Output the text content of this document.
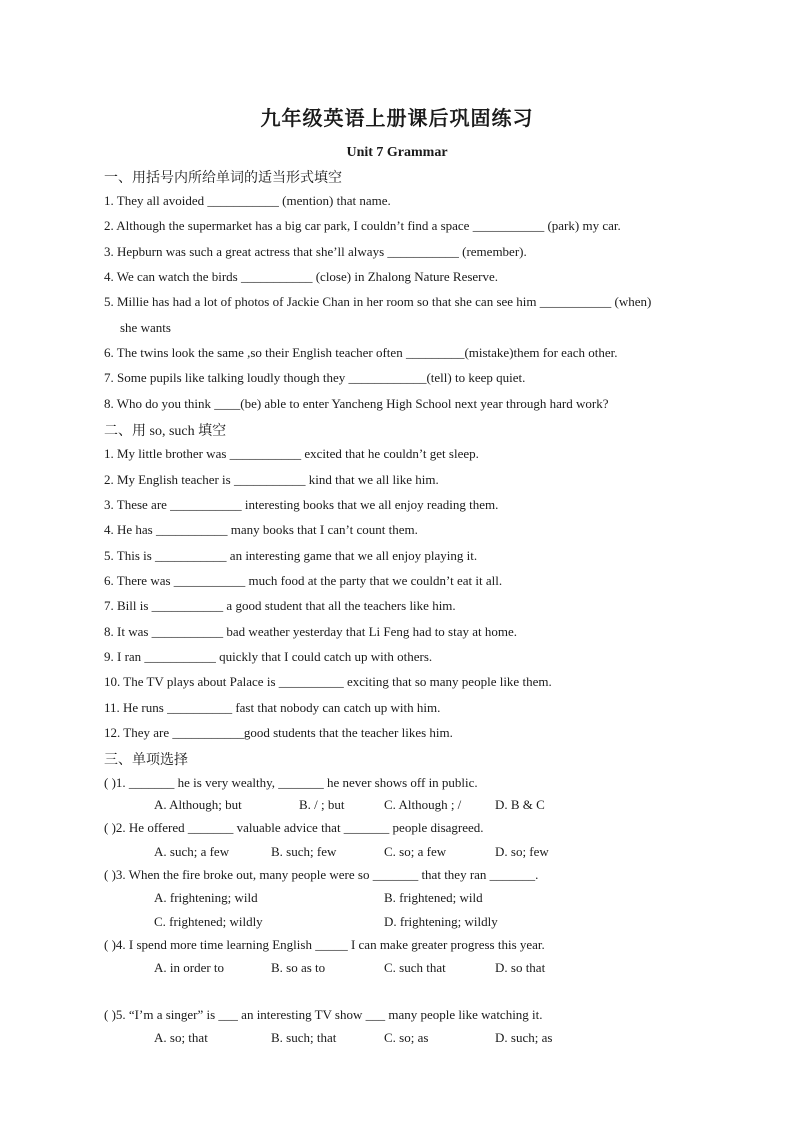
九年级英语上册课后巩固练习
Unit 7 Grammar
一、用括号内所给单词的适当形式填空
1. They all avoided ___________ (mention) that name.
2. Although the supermarket has a big car park, I couldn’t find a space ___________ (park) my car.
3. Hepburn was such a great actress that she’ll always ___________ (remember).
4. We can watch the birds ___________ (close) in Zhalong Nature Reserve.
5. Millie has had a lot of photos of Jackie Chan in her room so that she can see him ___________ (when)
she wants
6. The twins look the same ,so their English teacher often _________(mistake)them for each other.
7. Some pupils like talking loudly though they ____________(tell) to keep quiet.
8. Who do you think ____(be) able to enter Yancheng High School next year through hard work?
二、用 so, such 填空
1. My little brother was ___________ excited that he couldn’t get sleep.
2. My English teacher is ___________ kind that we all like him.
3. These are ___________ interesting books that we all enjoy reading them.
4. He has ___________ many books that I can’t count them.
5. This is ___________ an interesting game that we all enjoy playing it.
6. There was ___________ much food at the party that we couldn’t eat it all.
7. Bill is ___________ a good student that all the teachers like him.
8. It was ___________ bad weather yesterday that Li Feng had to stay at home.
9. I ran ___________ quickly that I could catch up with others.
10. The TV plays about Palace is __________ exciting that so many people like them.
11. He runs __________ fast that nobody can catch up with him.
12. They are ___________good students that the teacher likes him.
三、单项选择
( )1. _______ he is very wealthy, _______ he never shows off in public.
A. Although; but	B. / ; but	C. Although ; /	D. B & C
( )2. He offered _______ valuable advice that _______ people disagreed.
A. such; a few	B. such; few	C. so; a few	D. so; few
( )3. When the fire broke out, many people were so _______ that they ran _______.
A. frightening; wild	B. frightened; wild
C. frightened; wildly	D. frightening; wildly
( )4. I spend more time learning English _____ I can make greater progress this year.
A. in order to	B. so as to	C. such that	D. so that
( )5. “I’m a singer” is ___ an interesting TV show ___ many people like watching it.
A. so; that	B. such; that	C. so; as	D. such; as
